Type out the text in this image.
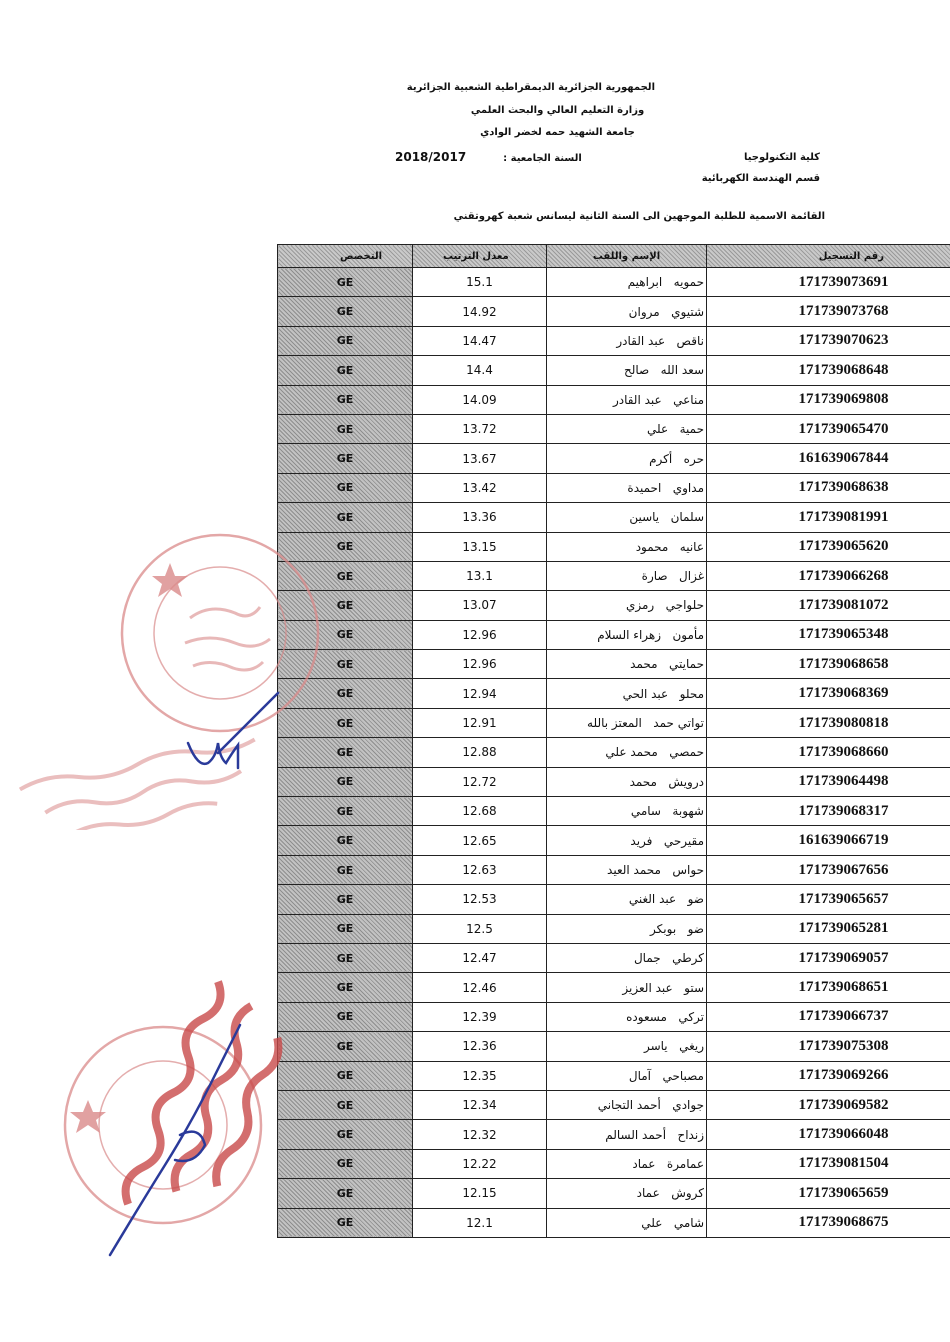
الجمهورية الجزائرية الديمقراطية الشعبية الجزائرية
وزارة التعليم العالي والبحث العلمي
جامعة الشهيد حمه لخضر الوادي
كلية التكنولوجيا
قسم الهندسة الكهربائية
2018/2017	السنة الجامعية :
القائمة الاسمية للطلبة الموجهين الى السنة الثانية ليسانس شعبة كهروتقني
رقم التسجيل	الإسم واللقب	معدل الترتيب	التخصص
171739073691	حمويه   ابراهيم	15.1	GE
171739073768	شتيوي   مروان	14.92	GE
171739070623	ناقص   عبد القادر	14.47	GE
171739068648	سعد الله   صالح	14.4	GE
171739069808	مناعي   عبد القادر	14.09	GE
171739065470	حمية   علي	13.72	GE
161639067844	حره   أكرم	13.67	GE
171739068638	مداوي   احميدة	13.42	GE
171739081991	سلمان   ياسين	13.36	GE
171739065620	عانيه   محمود	13.15	GE
171739066268	غزال   صارة	13.1	GE
171739081072	حلواجي   رمزي	13.07	GE
171739065348	مأمون   زهراء السلام	12.96	GE
171739068658	حمايتي   محمد	12.96	GE
171739068369	محلو   عبد الحي	12.94	GE
171739080818	تواتي حمد   المعتز بالله	12.91	GE
171739068660	حمصي   محمد علي	12.88	GE
171739064498	درويش   محمد	12.72	GE
171739068317	شهوبة   سامي	12.68	GE
161639066719	مقيرحي   فريد	12.65	GE
171739067656	حواس   محمد العيد	12.63	GE
171739065657	ضو   عبد الغني	12.53	GE
171739065281	ضو   بوبكر	12.5	GE
171739069057	كرطي   جمال	12.47	GE
171739068651	ستو   عبد العزيز	12.46	GE
171739066737	تركي   مسعوده	12.39	GE
171739075308	ريغي   ياسر	12.36	GE
171739069266	مصباحي   آمال	12.35	GE
171739069582	جوادي   أحمد التجاني	12.34	GE
171739066048	زنداح   أحمد السالم	12.32	GE
171739081504	عمامرة   عماد	12.22	GE
171739065659	كروش   عماد	12.15	GE
171739068675	شامي   علي	12.1	GE
